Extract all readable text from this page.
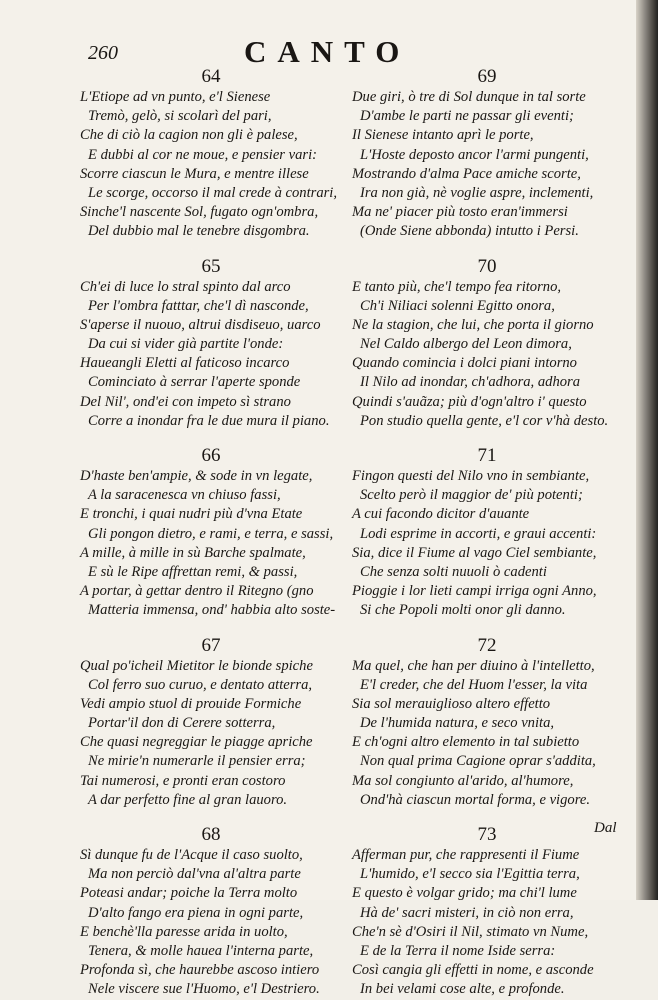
260	CANTO
64
L'Etiope ad vn punto, e'l Sienese
Tremò, gelò, si scolarì del pari,
Che di ciò la cagion non gli è palese,
E dubbi al cor ne moue, e pensier vari:
Scorre ciascun le Mura, e mentre illese
Le scorge, occorso il mal crede à contrari,
Sinche'l nascente Sol, fugato ogn'ombra,
Del dubbio mal le tenebre disgombra.
65
Ch'ei di luce lo stral spinto dal arco
Per l'ombra fatttar, che'l dì nasconde,
S'aperse il nuouo, altrui disdiseuo, uarco
Da cui si vider già partite l'onde:
Haueangli Eletti al faticoso incarco
Cominciato à serrar l'aperte sponde
Del Nil', ond'ei con impeto sì strano
Corre a inondar fra le due mura il piano.
66
D'haste ben'ampie, & sode in vn legate,
A la saracenesca vn chiuso fassi,
E tronchi, i quai nudri più d'vna Etate
Gli pongon dietro, e rami, e terra, e sassi,
A mille, à mille in sù Barche spalmate,
E sù le Ripe affrettan remi, & passi,
A portar, à gettar dentro il Ritegno (gno
Matteria immensa, ond' habbia alto soste-
67
Qual po'icheil Mietitor le bionde spiche
Col ferro suo curuo, e dentato atterra,
Vedi ampio stuol di prouide Formiche
Portar'il don di Cerere sotterra,
Che quasi negreggiar le piagge apriche
Ne mirie'n numerarle il pensier erra;
Tai numerosi, e pronti eran costoro
A dar perfetto fine al gran lauoro.
68
Sì dunque fu de l'Acque il caso suolto,
Ma non perciò dal'vna al'altra parte
Poteasi andar; poiche la Terra molto
D'alto fango era piena in ogni parte,
E benchè'lla paresse arida in uolto,
Tenera, & molle hauea l'interna parte,
Profonda sì, che haurebbe ascoso intiero
Nele viscere sue l'Huomo, e'l Destriero.
69
Due giri, ò tre di Sol dunque in tal sorte
D'ambe le parti ne passar gli eventi;
Il Sienese intanto aprì le porte,
L'Hoste deposto ancor l'armi pungenti,
Mostrando d'alma Pace amiche scorte,
Ira non già, nè voglie aspre, inclementi,
Ma ne' piacer più tosto eran'immersi
(Onde Siene abbonda) intutto i Persi.
70
E tanto più, che'l tempo fea ritorno,
Ch'i Niliaci solenni Egitto onora,
Ne la stagion, che lui, che porta il giorno
Nel Caldo albergo del Leon dimora,
Quando comincia i dolci piani intorno
Il Nilo ad inondar, ch'adhora, adhora
Quindi s'auãza; più d'ogn'altro i' questo
Pon studio quella gente, e'l cor v'hà desto.
71
Fingon questi del Nilo vno in sembiante,
Scelto però il maggior de' più potenti;
A cui facondo dicitor d'auante
Lodi esprime in accorti, e graui accenti:
Sia, dice il Fiume al vago Ciel sembiante,
Che senza solti nuuoli ò cadenti
Pioggie i lor lieti campi irriga ogni Anno,
Si che Popoli molti onor gli danno.
72
Ma quel, che han per diuino à l'intelletto,
E'l creder, che del Huom l'esser, la vita
Sia sol merauiglioso altero effetto
De l'humida natura, e seco vnita,
E ch'ogni altro elemento in tal subietto
Non qual prima Cagione oprar s'addita,
Ma sol congiunto al'arido, al'humore,
Ond'hà ciascun mortal forma, e vigore.
73
Afferman pur, che rappresenti il Fiume
L'humido, e'l secco sia l'Egittia terra,
E questo è volgar grido; ma chi'l lume
Hà de' sacri misteri, in ciò non erra,
Che'n sè d'Osiri il Nil, stimato vn Nume,
E de la Terra il nome Iside serra:
Così cangia gli effetti in nome, e asconde
In bei velami cose alte, e profonde.
Dal
